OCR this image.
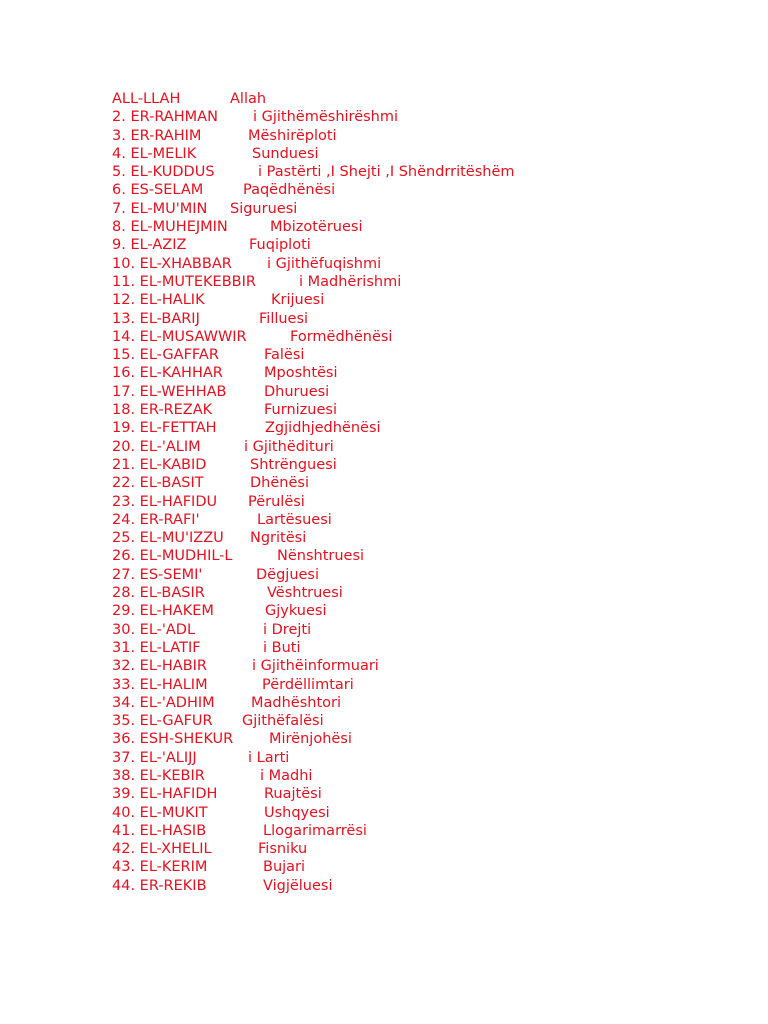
ALL-LLAH	Allah
2. ER-RAHMAN i Gjithëmëshirëshmi
3. ER-RAHIM	Mëshirëploti
4. EL-MELIK	Sunduesi
5. EL-KUDDUS	i Pastërti ,I Shejti ,I Shëndrritëshëm
6. ES-SELAM	Paqëdhënësi
7. EL-MU'MIN Siguruesi
8. EL-MUHEJMIN	Mbizotëruesi
9. EL-AZIZ	Fuqiploti
10. EL-XHABBAR i Gjithëfuqishmi
11. EL-MUTEKEBBIR	i Madhërishmi
12. EL-HALIK	Krijuesi
13. EL-BARIJ	Filluesi
14. EL-MUSAWWIR	Formëdhënësi
15. EL-GAFFAR	Falësi
16. EL-KAHHAR	Mposhtësi
17. EL-WEHHAB	Dhuruesi
18. ER-REZAK	Furnizuesi
19. EL-FETTAH	Zgjidhjedhënësi
20. EL-'ALIM	i Gjithëdituri
21. EL-KABID	Shtrënguesi
22. EL-BASIT	Dhënësi
23. EL-HAFIDU Përulësi
24. ER-RAFI'	Lartësuesi
25. EL-MU'IZZU Ngritësi
26. EL-MUDHIL-L	Nënshtruesi
27. ES-SEMI'	Dëgjuesi
28. EL-BASIR	Vështruesi
29. EL-HAKEM	Gjykuesi
30. EL-'ADL	i Drejti
31. EL-LATIF	i Buti
32. EL-HABIR	i Gjithëinformuari
33. EL-HALIM	Përdëllimtari
34. EL-'ADHIM	Madhështori
35. EL-GAFUR Gjithëfalësi
36. ESH-SHEKUR Mirënjohësi
37. EL-'ALIJJ	i Larti
38. EL-KEBIR	i Madhi
39. EL-HAFIDH	Ruajtësi
40. EL-MUKIT	Ushqyesi
41. EL-HASIB	Llogarimarrësi
42. EL-XHELIL	Fisniku
43. EL-KERIM	Bujari
44. ER-REKIB	Vigjëluesi
